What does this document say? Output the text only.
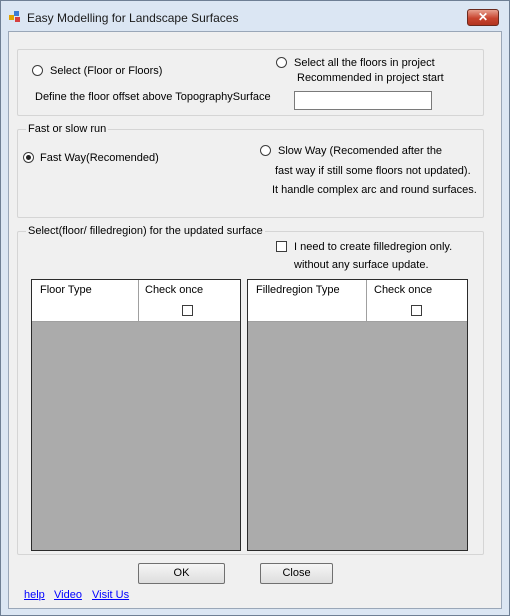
Easy Modelling for Landscape Surfaces	✕
Select (Floor or Floors)
Select all the floors in project
Recommended in project start
Define the floor offset above TopographySurface
Fast or slow run
Fast Way(Recomended)
Slow Way (Recomended after the
fast way if still some floors not updated).
It handle complex arc and round surfaces.
Select(floor/ filledregion) for the updated surface
I need to create filledregion only.
without any surface update.
Floor Type	Check once	Filledregion Type	Check once
OK	Close
help Video Visit Us
